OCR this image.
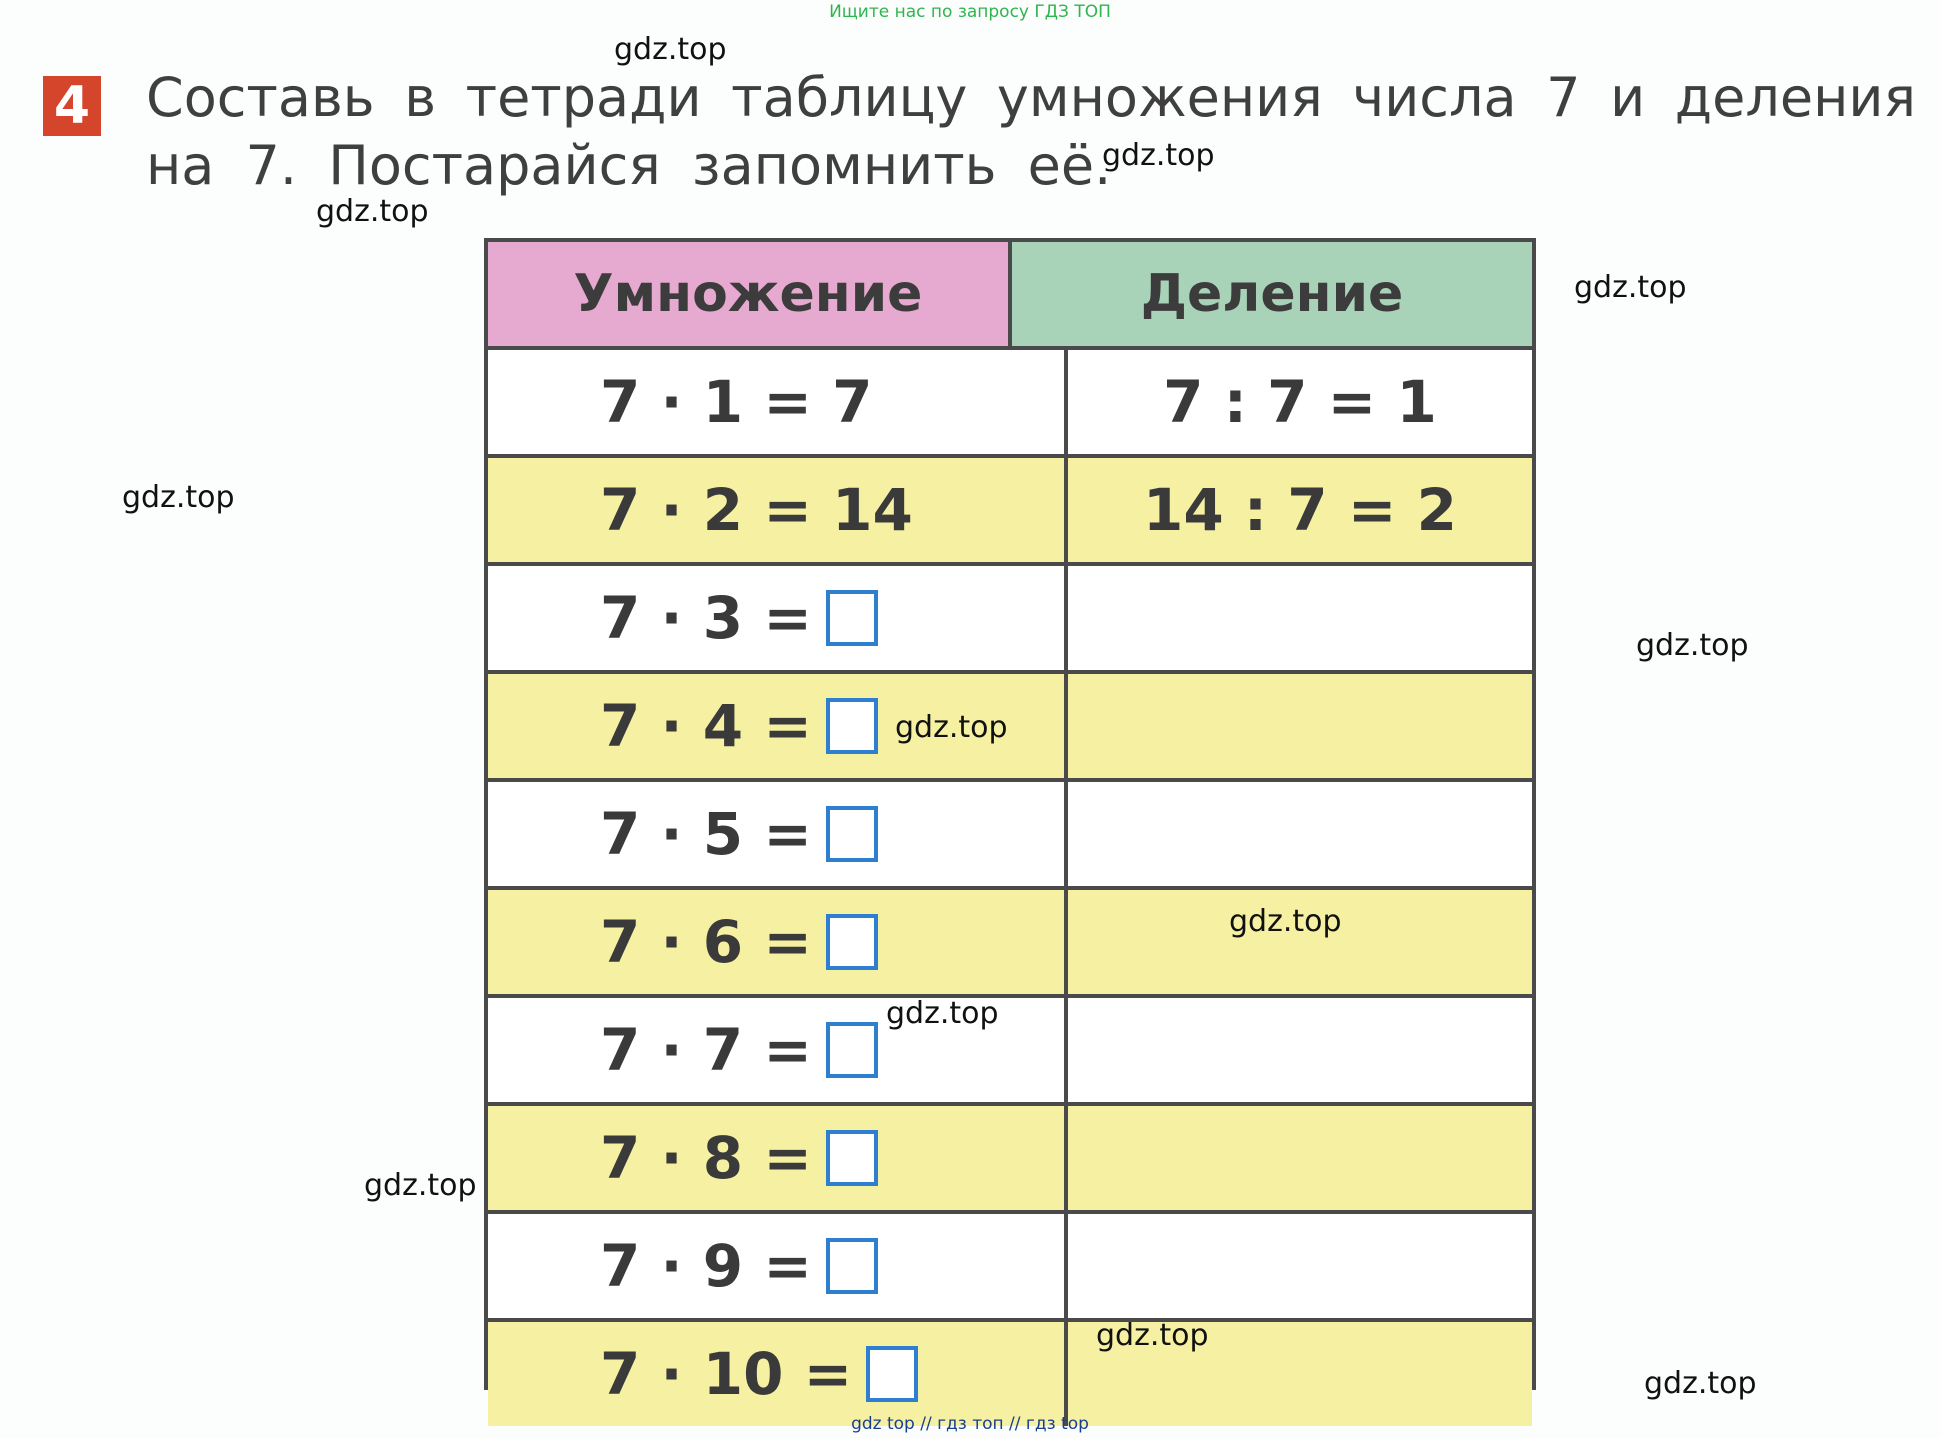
Ищите нас по запросу ГДЗ ТОП
4 Составь в тетради таблицу умножения числа 7 и деления
на 7. Постарайся запомнить её.
Умножение	Деление
7 · 1 = 7	7 : 7 = 1
7 · 2 = 14	14 : 7 = 2
7 · 3 =
7 · 4 =
7 · 5 =
7 · 6 =
7 · 7 =
7 · 8 =
7 · 9 =
7 · 10 =
gdz.top
gdz.top
gdz.top
gdz.top
gdz.top
gdz.top
gdz.top
gdz.top
gdz.top
gdz.top
gdz.top
gdz.top
gdz top // гдз топ // гдз top
